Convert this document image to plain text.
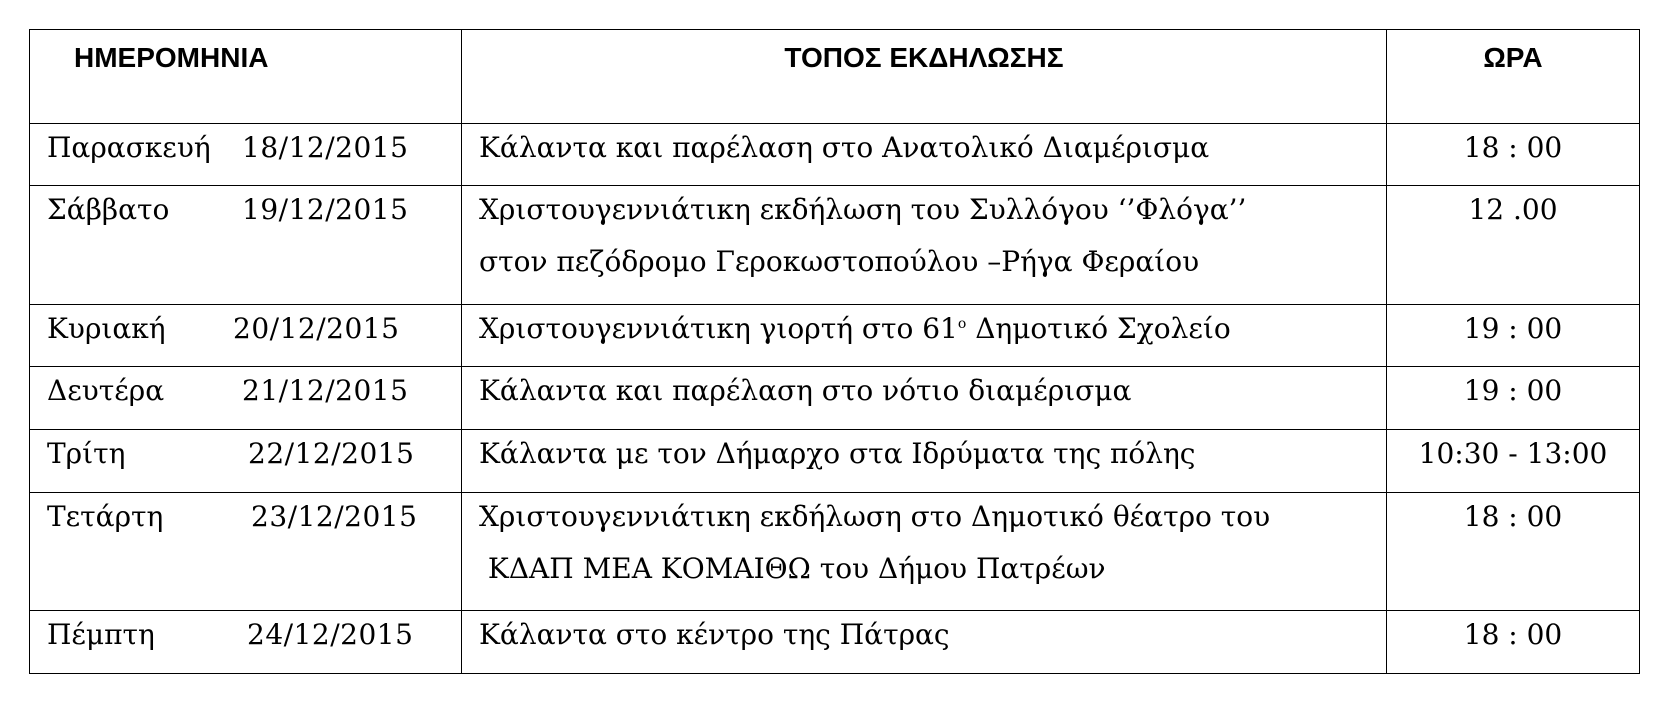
ΗΜΕΡΟΜΗΝΙΑ	ΤΟΠΟΣ ΕΚΔΗΛΩΣΗΣ	ΩΡΑ

Παρασκευή 18/12/2015	Κάλαντα και παρέλαση στο Ανατολικό Διαμέρισμα	18 : 00

Σάββατο 19/12/2015	Χριστουγεννιάτικη εκδήλωση του Συλλόγου ‘’Φλόγα’’
στον πεζόδρομο Γεροκωστοπούλου –Ρήγα Φεραίου	12 .00

Κυριακή 20/12/2015	Χριστουγεννιάτικη γιορτή στο $61^o$ Δημοτικό Σχολείο	19 : 00

Δευτέρα 21/12/2015	Κάλαντα και παρέλαση στο νότιο διαμέρισμα	19 : 00

Τρίτη 22/12/2015	Κάλαντα με τον Δήμαρχο στα Ιδρύματα της πόλης	10:30 - 13:00

Τετάρτη 23/12/2015	Χριστουγεννιάτικη εκδήλωση στο Δημοτικό θέατρο του
ΚΔΑΠ ΜΕΑ ΚΟΜΑΙΘΩ του Δήμου Πατρέων	18 : 00

Πέμπτη 24/12/2015	Κάλαντα στο κέντρο της Πάτρας	18 : 00
